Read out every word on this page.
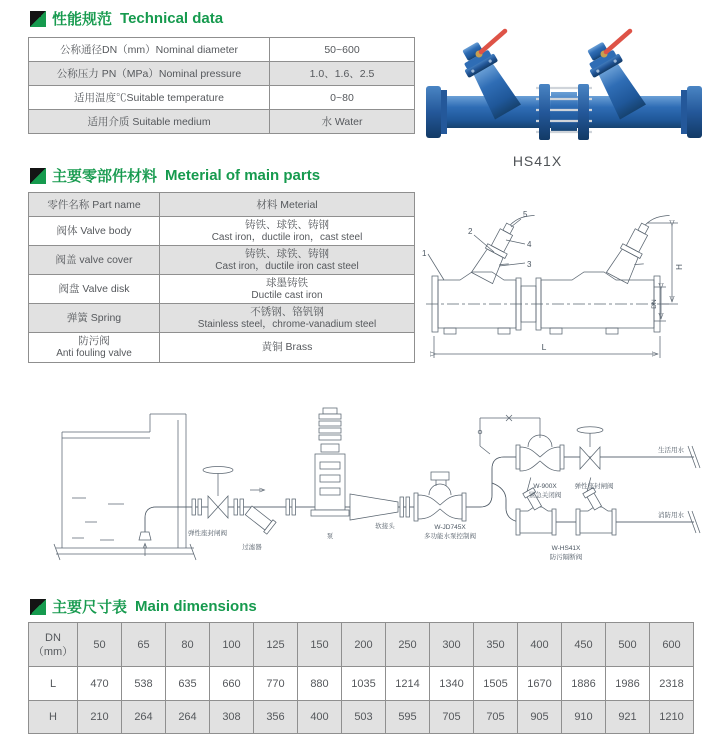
性能规范 Technical data
公称通径DN（mm）Nominal diameter	50~600
公称压力 PN（MPa）Nominal pressure	1.0、1.6、2.5
适用温度℃Suitable temperature	0~80
适用介质 Suitable medium	水 Water
HS41X
主要零部件材料 Meterial of main parts
零件名称 Part name	材料 Meterial

阀体 Valve body	铸铁、球铁、铸钢
Cast iron，ductile iron，cast steel

阀盖 valve cover	铸铁、球铁、铸钢
Cast iron，ductile iron cast steel

阀盘 Valve disk	球墨铸铁
Ductile cast iron

弹簧 Spring	不锈钢、铬钒钢
Stainless steel，chrome-vanadium steel

防污阀
Anti fouling valve	黄铜 Brass
1
2
5
4
3	H
DN
L
弹性座封闸阀
过滤器
泵
软接头	W-JD745X
多功能水泵控制阀
W-900X
紧急关闭阀
弹性座封闸阀
生活用水
W-HS41X
防污隔断阀
消防用水
主要尺寸表 Main dimensions
DN
（mm）	50	65	80	100	125	150	200	250	300	350	400	450	500	600
L	470	538	635	660	770	880	1035	1214	1340	1505	1670	1886	1986	2318
H	210	264	264	308	356	400	503	595	705	705	905	910	921	1210
